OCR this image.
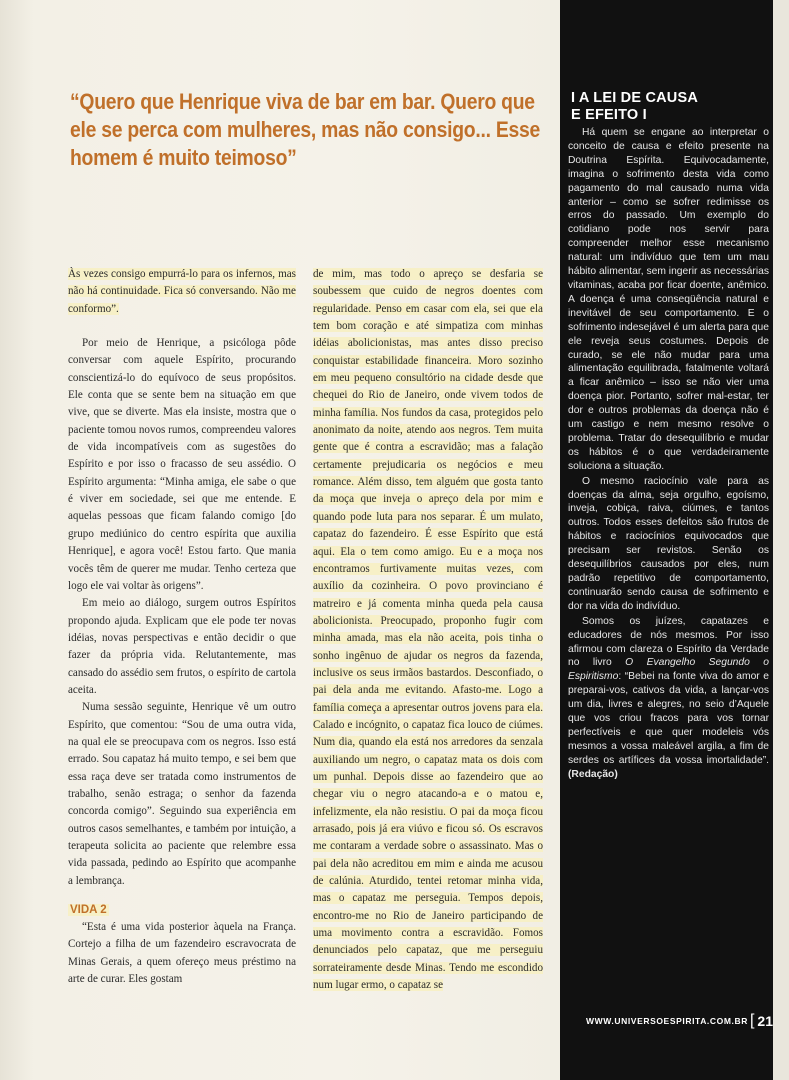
“Quero que Henrique viva de bar em bar. Quero que ele se perca com mulheres, mas não consigo... Esse homem é muito teimoso”

Às vezes consigo empurrá-lo para os infernos, mas não há continuidade. Fica só conversando. Não me conformo”.

Por meio de Henrique, a psicóloga pôde conversar com aquele Espírito, procurando conscientizá-lo do equívoco de seus propósitos. Ele conta que se sente bem na situação em que vive, que se diverte. Mas ela insiste, mostra que o paciente tomou novos rumos, compreendeu valores de vida incompatíveis com as sugestões do Espírito e por isso o fracasso de seu assédio. O Espírito argumenta: “Minha amiga, ele sabe o que é viver em sociedade, sei que me entende. E aquelas pessoas que ficam falando comigo [do grupo mediúnico do centro espírita que auxilia Henrique], e agora você! Estou farto. Que mania vocês têm de querer me mudar. Tenho certeza que logo ele vai voltar às origens”.

Em meio ao diálogo, surgem outros Espíritos propondo ajuda. Explicam que ele pode ter novas idéias, novas perspectivas e então decidir o que fazer da própria vida. Relutantemente, mas cansado do assédio sem frutos, o espírito de cartola aceita.

Numa sessão seguinte, Henrique vê um outro Espírito, que comentou: “Sou de uma outra vida, na qual ele se preocupava com os negros. Isso está errado. Sou capataz há muito tempo, e sei bem que essa raça deve ser tratada como instrumentos de trabalho, senão estraga; o senhor da fazenda concorda comigo”. Seguindo sua experiência em outros casos semelhantes, e também por intuição, a terapeuta solicita ao paciente que relembre essa vida passada, pedindo ao Espírito que acompanhe a lembrança.

VIDA 2

“Esta é uma vida posterior àquela na França. Cortejo a filha de um fazendeiro escravocrata de Minas Gerais, a quem ofereço meus préstimo na arte de curar. Eles gostam

de mim, mas todo o apreço se desfaria se soubessem que cuido de negros doentes com regularidade. Penso em casar com ela, sei que ela tem bom coração e até simpatiza com minhas idéias abolicionistas, mas antes disso preciso conquistar estabilidade financeira. Moro sozinho em meu pequeno consultório na cidade desde que chequei do Rio de Janeiro, onde vivem todos de minha família. Nos fundos da casa, protegidos pelo anonimato da noite, atendo aos negros. Tem muita gente que é contra a escravidão; mas a falação certamente prejudicaria os negócios e meu romance. Além disso, tem alguém que gosta tanto da moça que inveja o apreço dela por mim e quando pode luta para nos separar. É um mulato, capataz do fazendeiro. É esse Espírito que está aqui. Ela o tem como amigo. Eu e a moça nos encontramos furtivamente muitas vezes, com auxílio da cozinheira. O povo provinciano é matreiro e já comenta minha queda pela causa abolicionista. Preocupado, proponho fugir com minha amada, mas ela não aceita, pois tinha o sonho ingênuo de ajudar os negros da fazenda, inclusive os seus irmãos bastardos. Desconfiado, o pai dela anda me evitando. Afasto-me. Logo a família começa a apresentar outros jovens para ela. Calado e incógnito, o capataz fica louco de ciúmes. Num dia, quando ela está nos arredores da senzala auxiliando um negro, o capataz mata os dois com um punhal. Depois disse ao fazendeiro que ao chegar viu o negro atacando-a e o matou e, infelizmente, ela não resistiu. O pai da moça ficou arrasado, pois já era viúvo e ficou só. Os escravos me contaram a verdade sobre o assassinato. Mas o pai dela não acreditou em mim e ainda me acusou de calúnia. Aturdido, tentei retomar minha vida, mas o capataz me perseguia. Tempos depois, encontro-me no Rio de Janeiro participando de uma movimento contra a escravidão. Fomos denunciados pelo capataz, que me perseguiu sorrateiramente desde Minas. Tendo me escondido num lugar ermo, o capataz se

I A LEI DE CAUSA
E EFEITO I

Há quem se engane ao interpretar o conceito de causa e efeito presente na Doutrina Espírita. Equivocadamente, imagina o sofrimento desta vida como pagamento do mal causado numa vida anterior – como se sofrer redimisse os erros do passado. Um exemplo do cotidiano pode nos servir para compreender melhor esse mecanismo natural: um indivíduo que tem um mau hábito alimentar, sem ingerir as necessárias vitaminas, acaba por ficar doente, anêmico. A doença é uma conseqüência natural e inevitável de seu comportamento. E o sofrimento indesejável é um alerta para que ele reveja seus costumes. Depois de curado, se ele não mudar para uma alimentação equilibrada, fatalmente voltará a ficar anêmico – isso se não vier uma doença pior. Portanto, sofrer mal-estar, ter dor e outros problemas da doença não é um castigo e nem mesmo resolve o problema. Tratar do desequilíbrio e mudar os hábitos é o que verdadeiramente soluciona a situação.

O mesmo raciocínio vale para as doenças da alma, seja orgulho, egoísmo, inveja, cobiça, raiva, ciúmes, e tantos outros. Todos esses defeitos são frutos de hábitos e raciocínios equivocados que precisam ser revistos. Senão os desequilíbrios causados por eles, num padrão repetitivo de comportamento, continuarão sendo causa de sofrimento e dor na vida do indivíduo.

Somos os juízes, capatazes e educadores de nós mesmos. Por isso afirmou com clareza o Espírito da Verdade no livro O Evangelho Segundo o Espiritismo: “Bebei na fonte viva do amor e preparai-vos, cativos da vida, a lançar-vos um dia, livres e alegres, no seio d’Aquele que vos criou fracos para vos tornar perfectíveis e que quer modeleis vós mesmos a vossa maleável argila, a fim de serdes os artífices da vossa imortalidade”. (Redação)

WWW.UNIVERSOESPIRITA.COM.BR [ 21
